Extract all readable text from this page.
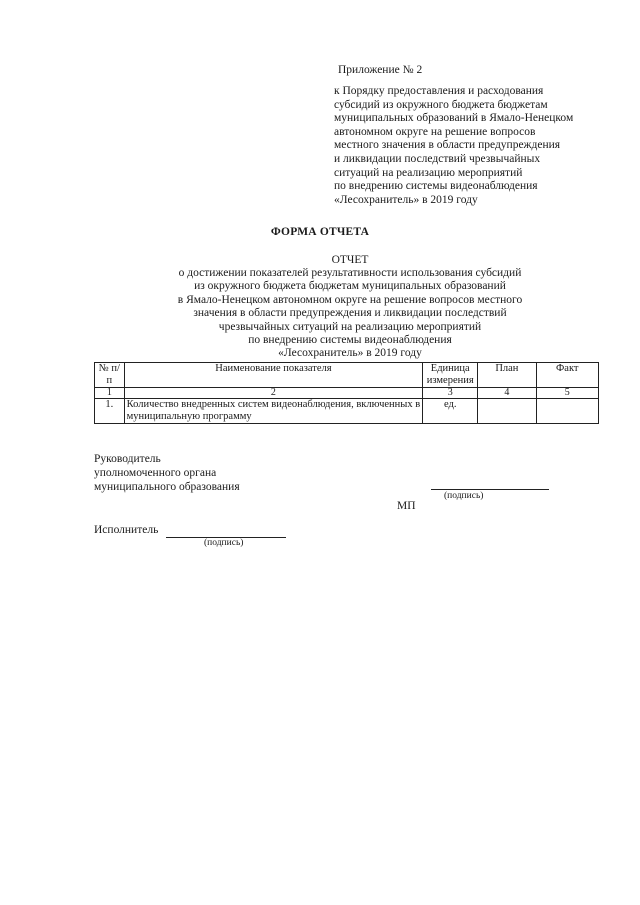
Приложение № 2
к Порядку предоставления и расходования
субсидий из окружного бюджета бюджетам
муниципальных образований в Ямало-Ненецком
автономном округе на решение вопросов
местного значения в области предупреждения
и ликвидации последствий чрезвычайных
ситуаций на реализацию мероприятий
по внедрению системы видеонаблюдения
«Лесохранитель» в 2019 году
ФОРМА ОТЧЕТА
ОТЧЕТ
о достижении показателей результативности использования субсидий
из окружного бюджета бюджетам муниципальных образований
в Ямало-Ненецком автономном округе на решение вопросов местного
значения в области предупреждения и ликвидации последствий
чрезвычайных ситуаций на реализацию мероприятий
по внедрению системы видеонаблюдения
«Лесохранитель» в 2019 году
№ п/п	Наименование показателя	Единица измерения	План	Факт
1	2	3	4	5
1.	Количество внедренных систем видеонаблюдения, включенных в муниципальную программу	ед.		
Руководитель
уполномоченного органа
муниципального образования
(подпись)
МП
Исполнитель
(подпись)
